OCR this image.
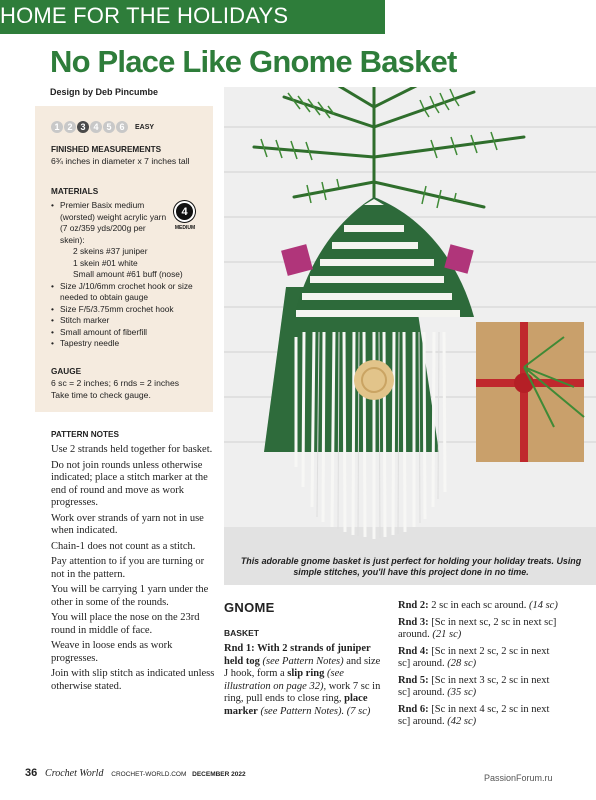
HOME FOR THE HOLIDAYS
No Place Like Gnome Basket
Design by Deb Pincumbe
1 2 3 4 5 6	EASY
FINISHED MEASUREMENTS
6¾ inches in diameter x 7 inches tall
MATERIALS
• Premier Basix medium (worsted) weight acrylic yarn (7 oz/359 yds/200g per skein):
2 skeins #37 juniper
1 skein #01 white
Small amount #61 buff (nose)
• Size J/10/6mm crochet hook or size needed to obtain gauge
• Size F/5/3.75mm crochet hook
• Stitch marker
• Small amount of fiberfill
• Tapestry needle
4
MEDIUM
GAUGE
6 sc = 2 inches; 6 rnds = 2 inches
Take time to check gauge.
PATTERN NOTES

Use 2 strands held together for basket.

Do not join rounds unless otherwise indicated; place a stitch marker at the end of round and move as work progresses.

Work over strands of yarn not in use when indicated.

Chain-1 does not count as a stitch.

Pay attention to if you are turning or not in the pattern.

You will be carrying 1 yarn under the other in some of the rounds.

You will place the nose on the 23rd round in middle of face.

Weave in loose ends as work progresses.

Join with slip stitch as indicated unless otherwise stated.

This adorable gnome basket is just perfect for holding your holiday treats. Using simple stitches, you'll have this project done in no time.
GNOME
BASKET
Rnd 1: With 2 strands of juniper held tog (see Pattern Notes) and size J hook, form a slip ring (see illustration on page 32), work 7 sc in ring, pull ends to close ring, place marker (see Pattern Notes). (7 sc)

Rnd 2: 2 sc in each sc around. (14 sc)

Rnd 3: [Sc in next sc, 2 sc in next sc] around. (21 sc)

Rnd 4: [Sc in next 2 sc, 2 sc in next sc] around. (28 sc)

Rnd 5: [Sc in next 3 sc, 2 sc in next sc] around. (35 sc)

Rnd 6: [Sc in next 4 sc, 2 sc in next sc] around. (42 sc)

36 Crochet World CROCHET-WORLD.COM DECEMBER 2022	PassionForum.ru
